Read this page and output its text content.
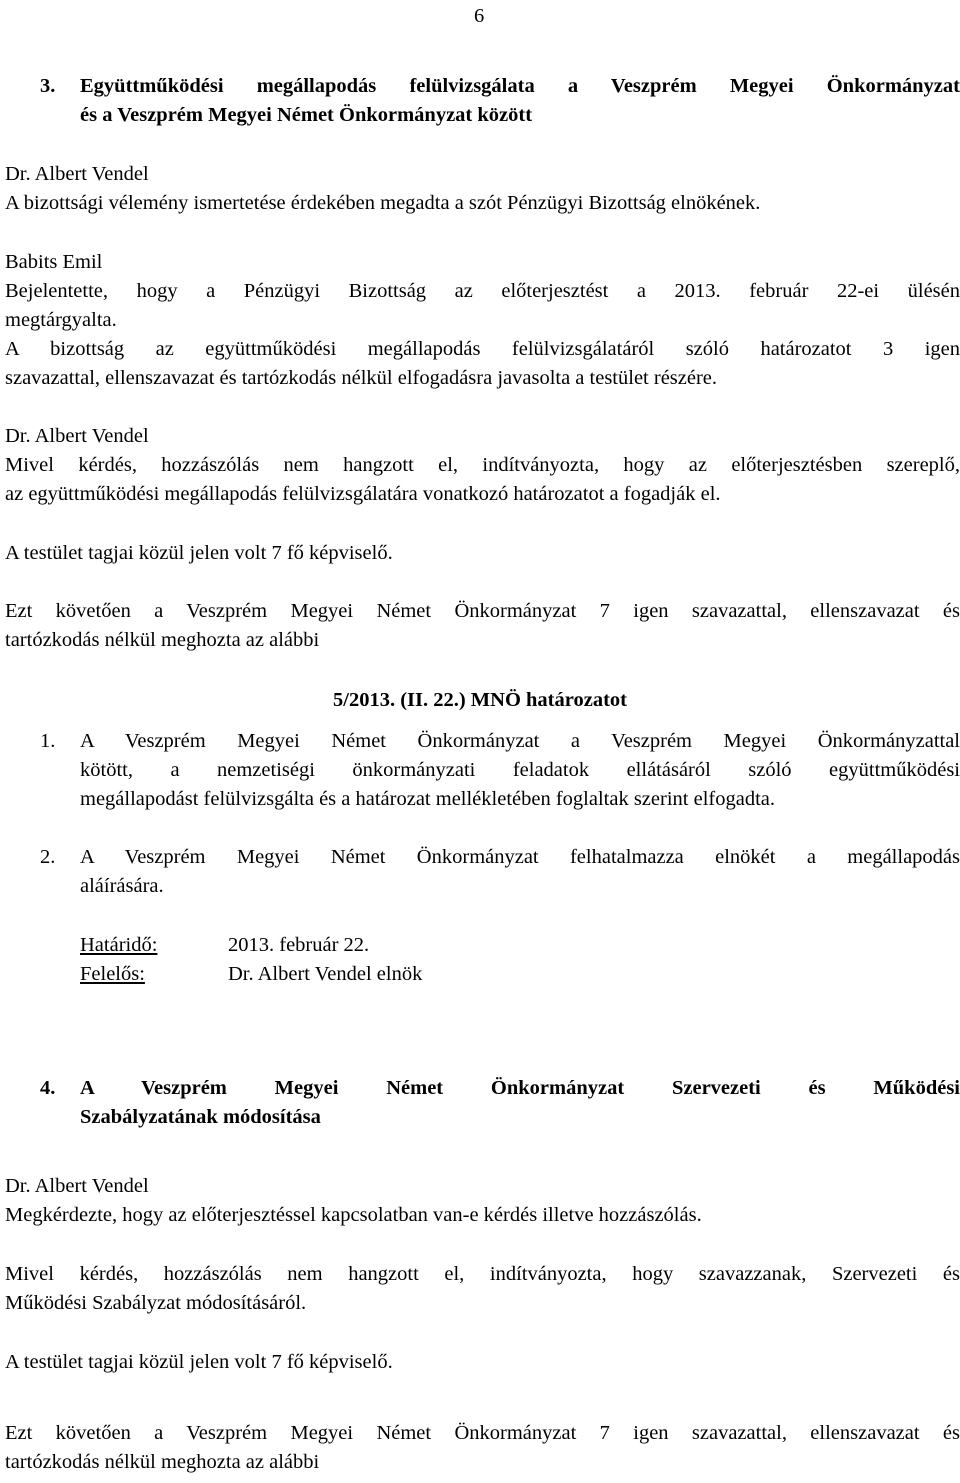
6
3. Együttműködési megállapodás felülvizsgálata a Veszprém Megyei Önkormányzat
és a Veszprém Megyei Német Önkormányzat között
Dr. Albert Vendel
A bizottsági vélemény ismertetése érdekében megadta a szót Pénzügyi Bizottság elnökének.
Babits Emil
Bejelentette, hogy a Pénzügyi Bizottság az előterjesztést a 2013. február 22-ei ülésén
megtárgyalta.
A bizottság az együttműködési megállapodás felülvizsgálatáról szóló határozatot 3 igen
szavazattal, ellenszavazat és tartózkodás nélkül elfogadásra javasolta a testület részére.
Dr. Albert Vendel
Mivel kérdés, hozzászólás nem hangzott el, indítványozta, hogy az előterjesztésben szereplő,
az együttműködési megállapodás felülvizsgálatára vonatkozó határozatot a fogadják el.
A testület tagjai közül jelen volt 7 fő képviselő.
Ezt követően a Veszprém Megyei Német Önkormányzat 7 igen szavazattal, ellenszavazat és
tartózkodás nélkül meghozta az alábbi
5/2013. (II. 22.) MNÖ határozatot
1. A Veszprém Megyei Német Önkormányzat a Veszprém Megyei Önkormányzattal
kötött, a nemzetiségi önkormányzati feladatok ellátásáról szóló együttműködési
megállapodást felülvizsgálta és a határozat mellékletében foglaltak szerint elfogadta.
2. A Veszprém Megyei Német Önkormányzat felhatalmazza elnökét a megállapodás
aláírására.
Határidő:	2013. február 22.
Felelős:	Dr. Albert Vendel elnök
4. A Veszprém Megyei Német Önkormányzat Szervezeti és Működési
Szabályzatának módosítása
Dr. Albert Vendel
Megkérdezte, hogy az előterjesztéssel kapcsolatban van-e kérdés illetve hozzászólás.
Mivel kérdés, hozzászólás nem hangzott el, indítványozta, hogy szavazzanak, Szervezeti és
Működési Szabályzat módosításáról.
A testület tagjai közül jelen volt 7 fő képviselő.
Ezt követően a Veszprém Megyei Német Önkormányzat 7 igen szavazattal, ellenszavazat és
tartózkodás nélkül meghozta az alábbi
